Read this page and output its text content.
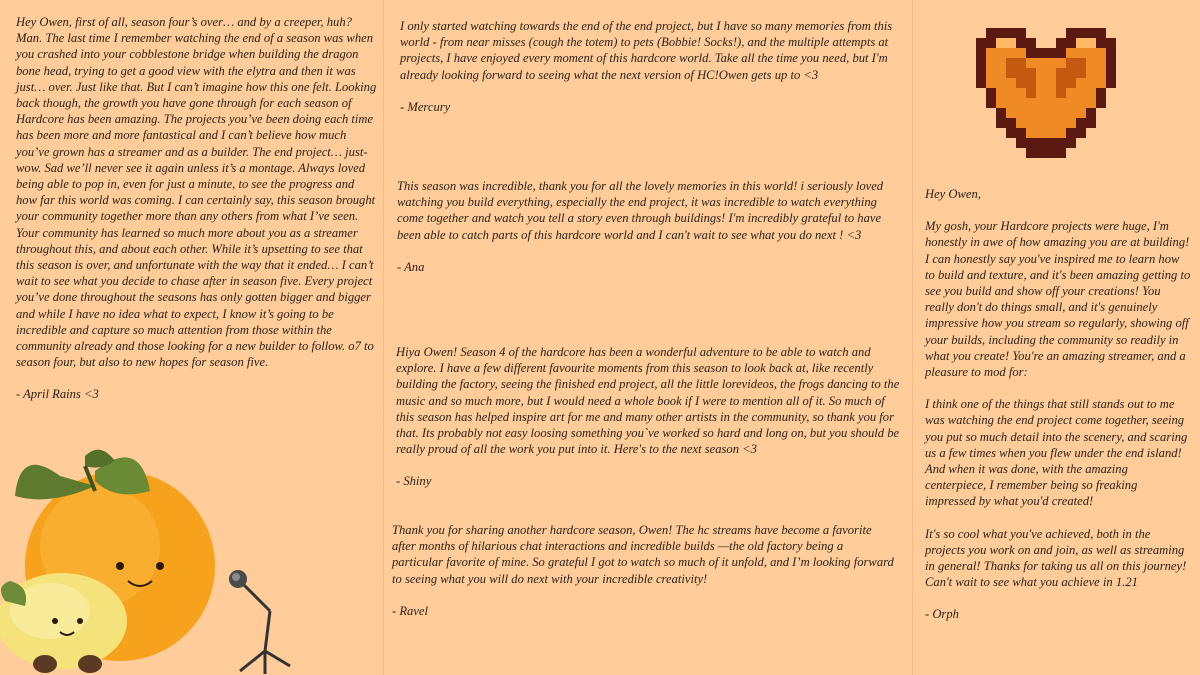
Hey Owen, first of all, season four’s over… and by a creeper, huh? Man. The last time I remember watching the end of a season was when you crashed into your cobblestone bridge when building the dragon bone head, trying to get a good view with the elytra and then it was just… over. Just like that. But I can’t imagine how this one felt. Looking back though, the growth you have gone through for each season of Hardcore has been amazing. The projects you’ve been doing each time has been more and more fantastical and I can’t believe how much you’ve grown has a streamer and as a builder. The end project… just- wow. Sad we’ll never see it again unless it’s a montage. Always loved being able to pop in, even for just a minute, to see the progress and how far this world was coming. I can certainly say, this season brought your community together more than any others from what I’ve seen. Your community has learned so much more about you as a streamer throughout this, and about each other. While it’s upsetting to see that this season is over, and unfortunate with the way that it ended… I can’t wait to see what you decide to chase after in season five. Every project you’ve done throughout the seasons has only gotten bigger and bigger and while I have no idea what to expect, I know it’s going to be incredible and capture so much attention from those within the community already and those looking for a new builder to follow. o7 to season four, but also to new hopes for season five.

- April Rains <3

I only started watching towards the end of the end project, but I have so many memories from this world - from near misses (cough the totem) to pets (Bobbie! Socks!), and the multiple attempts at projects, I have enjoyed every moment of this hardcore world. Take all the time you need, but I'm already looking forward to seeing what the next version of HC!Owen gets up to <3

- Mercury

This season was incredible, thank you for all the lovely memories in this world! i seriously loved watching you build everything, especially the end project, it was incredible to watch everything come together and watch you tell a story even through buildings! I'm incredibly grateful to have been able to catch parts of this hardcore world and I can't wait to see what you do next ! <3

- Ana

Hiya Owen! Season 4 of the hardcore has been a wonderful adventure to be able to watch and explore. I have a few different favourite moments from this season to look back at, like recently building the factory, seeing the finished end project, all the little lorevideos, the frogs dancing to the music and so much more, but I would need a whole book if I were to mention all of it. So much of this season has helped inspire art for me and many other artists in the community, so thank you for that. Its probably not easy loosing something you`ve worked so hard and long on, but you should be really proud of all the work you put into it. Here's to the next season <3

- Shiny

Thank you for sharing another hardcore season, Owen! The hc streams have become a favorite after months of hilarious chat interactions and incredible builds —the old factory being a particular favorite of mine. So grateful I got to watch so much of it unfold, and I’m looking forward to seeing what you will do next with your incredible creativity!

- Ravel

Hey Owen,

My gosh, your Hardcore projects were huge, I'm honestly in awe of how amazing you are at building! I can honestly say you've inspired me to learn how to build and texture, and it's been amazing getting to see you build and show off your creations! You really don't do things small, and it's genuinely impressive how you stream so regularly, showing off your builds, including the community so readily in what you create! You're an amazing streamer, and a pleasure to mod for:

I think one of the things that still stands out to me was watching the end project come together, seeing you put so much detail into the scenery, and scaring us a few times when you flew under the end island! And when it was done, with the amazing centerpiece, I remember being so freaking impressed by what you'd created!

It's so cool what you've achieved, both in the projects you work on and join, as well as streaming in general! Thanks for taking us all on this journey! Can't wait to see what you achieve in 1.21

- Orph
